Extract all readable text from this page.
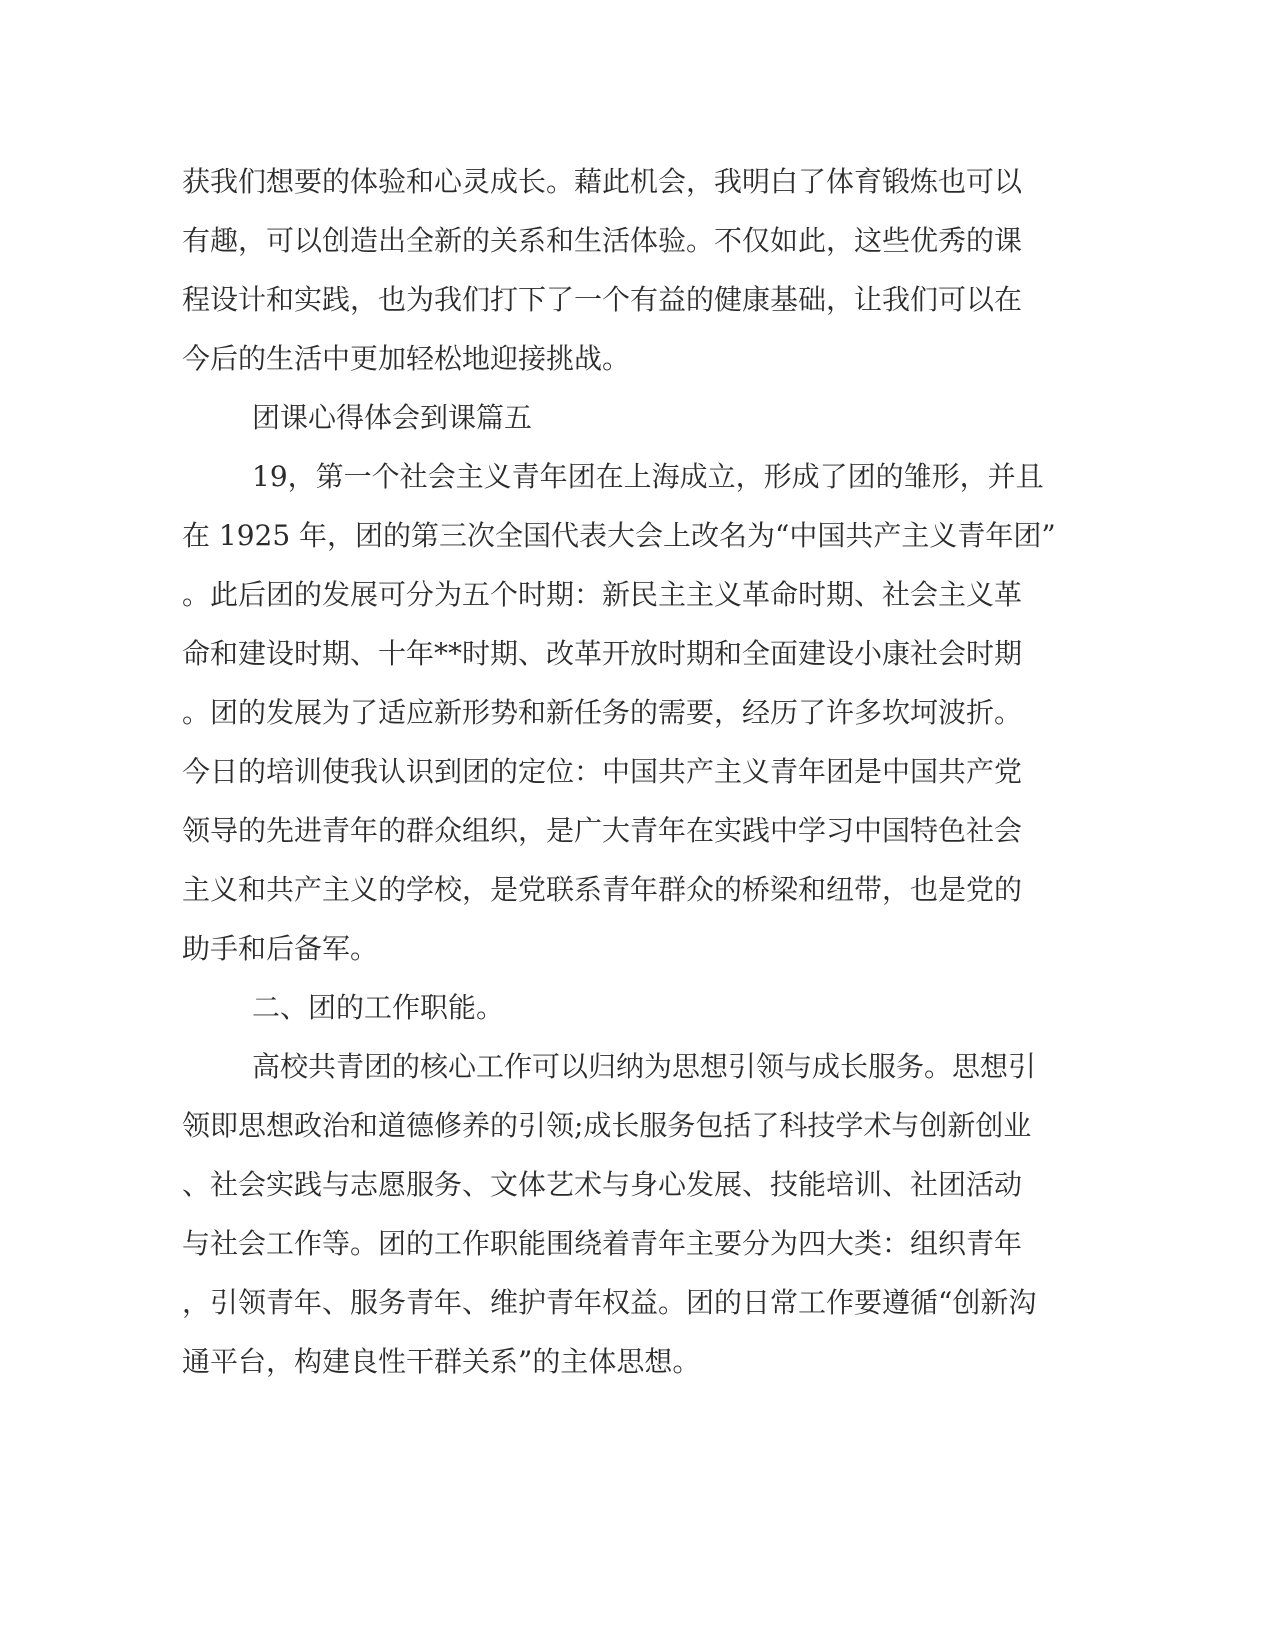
获我们想要的体验和心灵成长。藉此机会，我明白了体育锻炼也可以
有趣，可以创造出全新的关系和生活体验。不仅如此，这些优秀的课
程设计和实践，也为我们打下了一个有益的健康基础，让我们可以在
今后的生活中更加轻松地迎接挑战。
团课心得体会到课篇五
19，第一个社会主义青年团在上海成立，形成了团的雏形，并且
在 1925 年，团的第三次全国代表大会上改名为“中国共产主义青年团”
。此后团的发展可分为五个时期：新民主主义革命时期、社会主义革
命和建设时期、十年**时期、改革开放时期和全面建设小康社会时期
。团的发展为了适应新形势和新任务的需要，经历了许多坎坷波折。
今日的培训使我认识到团的定位：中国共产主义青年团是中国共产党
领导的先进青年的群众组织，是广大青年在实践中学习中国特色社会
主义和共产主义的学校，是党联系青年群众的桥梁和纽带，也是党的
助手和后备军。
二、团的工作职能。
高校共青团的核心工作可以归纳为思想引领与成长服务。思想引
领即思想政治和道德修养的引领;成长服务包括了科技学术与创新创业
、社会实践与志愿服务、文体艺术与身心发展、技能培训、社团活动
与社会工作等。团的工作职能围绕着青年主要分为四大类：组织青年
，引领青年、服务青年、维护青年权益。团的日常工作要遵循“创新沟
通平台，构建良性干群关系”的主体思想。
